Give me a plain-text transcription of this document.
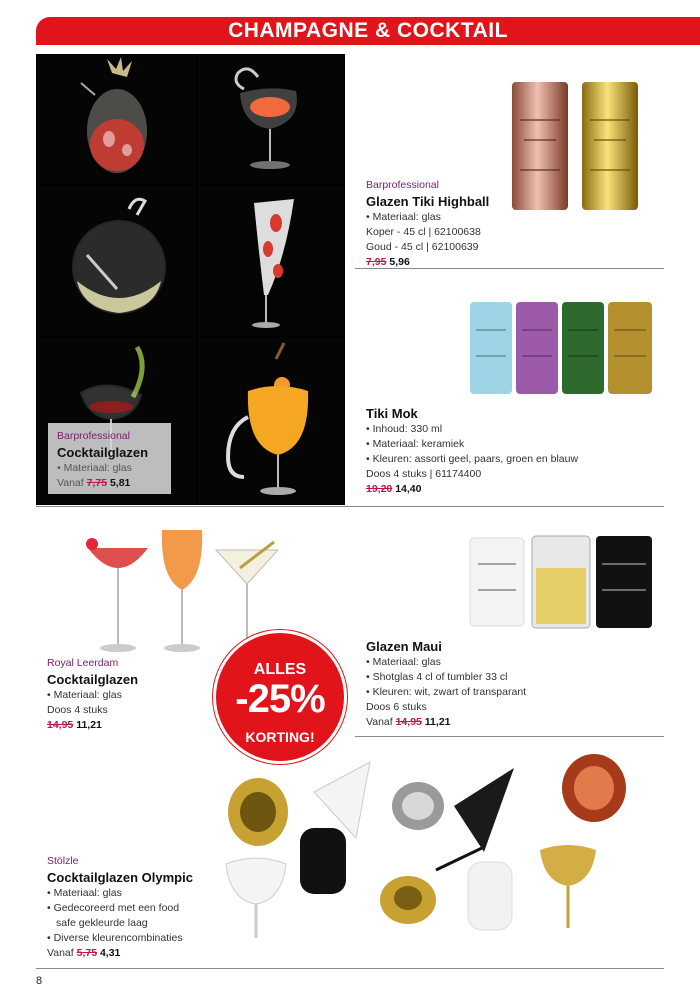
CHAMPAGNE & COCKTAIL
Barprofessional
Cocktailglazen
• Materiaal: glas
Vanaf 7,75 5,81
Barprofessional
Glazen Tiki Highball
• Materiaal: glas
Koper - 45 cl | 62100638
Goud - 45 cl | 62100639
7,95 5,96
Tiki Mok
• Inhoud: 330 ml
• Materiaal: keramiek
• Kleuren: assorti geel, paars, groen en blauw
Doos 4 stuks | 61174400
19,20 14,40
Royal Leerdam
Cocktailglazen
• Materiaal: glas
Doos 4 stuks
14,95 11,21
ALLES
-25%
KORTING!
Glazen Maui
• Materiaal: glas
• Shotglas 4 cl of tumbler 33 cl
• Kleuren: wit, zwart of transparant
Doos 6 stuks
Vanaf 14,95 11,21
Stölzle
Cocktailglazen Olympic
• Materiaal: glas
• Gedecoreerd met een food
safe gekleurde laag
• Diverse kleurencombinaties
Vanaf 5,75 4,31
8
